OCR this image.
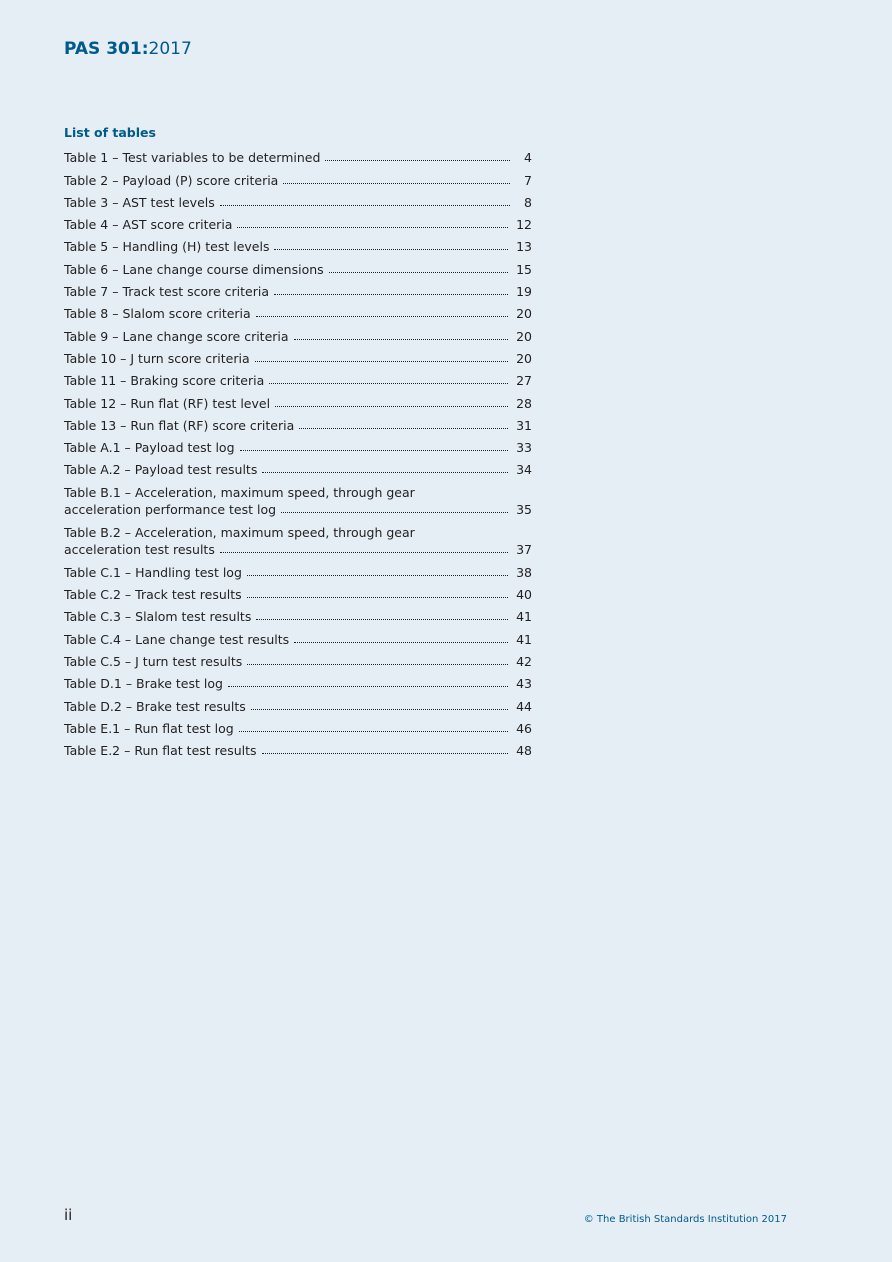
PAS 301:2017
List of tables
Table 1 – Test variables to be determined	4
Table 2 – Payload (P) score criteria	7
Table 3 – AST test levels	8
Table 4 – AST score criteria	12
Table 5 – Handling (H) test levels	13
Table 6 – Lane change course dimensions	15
Table 7 – Track test score criteria	19
Table 8 – Slalom score criteria	20
Table 9 – Lane change score criteria	20
Table 10 – J turn score criteria	20
Table 11 – Braking score criteria	27
Table 12 – Run flat (RF) test level	28
Table 13 – Run flat (RF) score criteria	31
Table A.1 – Payload test log	33
Table A.2 – Payload test results	34
Table B.1 – Acceleration, maximum speed, through gear
acceleration performance test log	35
Table B.2 – Acceleration, maximum speed, through gear
acceleration test results	37
Table C.1 – Handling test log	38
Table C.2 – Track test results	40
Table C.3 – Slalom test results	41
Table C.4 – Lane change test results	41
Table C.5 – J turn test results	42
Table D.1 – Brake test log	43
Table D.2 – Brake test results	44
Table E.1 – Run flat test log	46
Table E.2 – Run flat test results	48
ii	© The British Standards Institution 2017
